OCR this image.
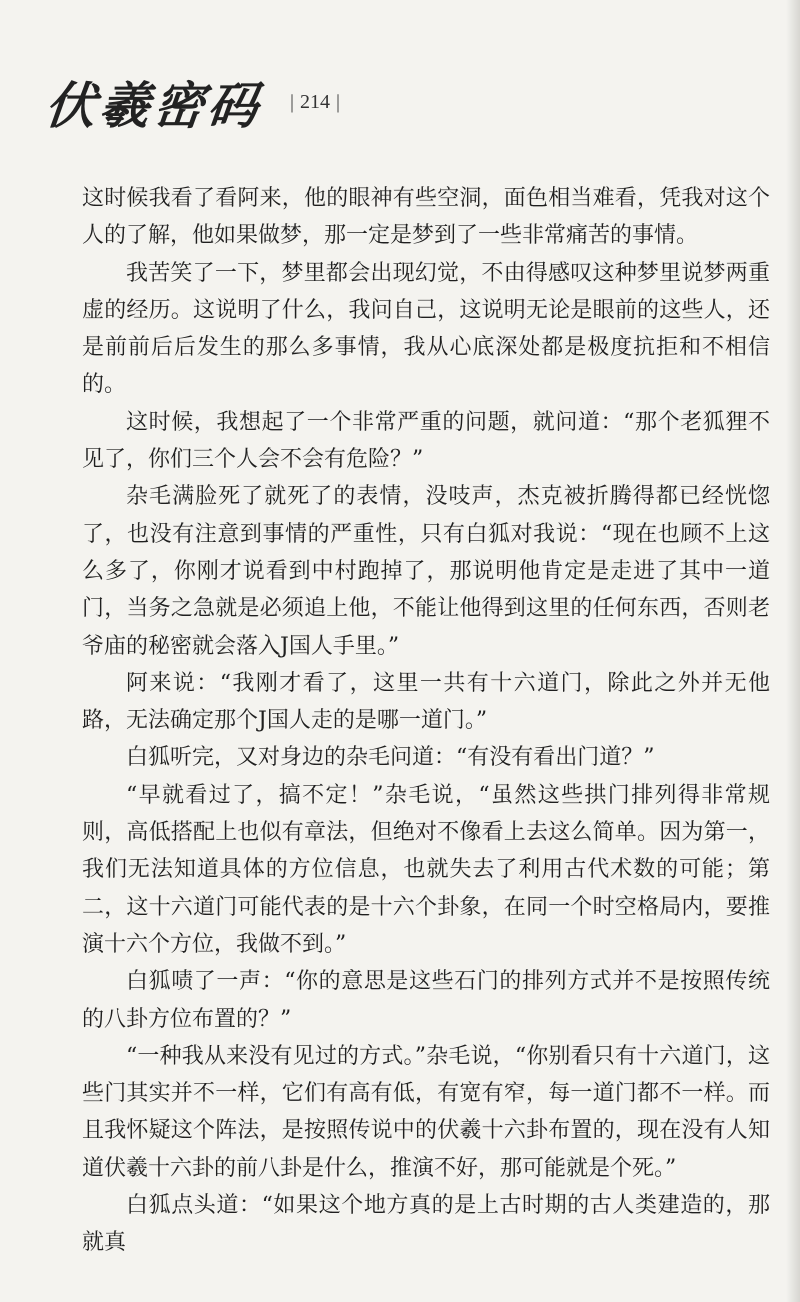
伏羲密码	| 214 |

这时候我看了看阿来，他的眼神有些空洞，面色相当难看，凭我对这个人的了解，他如果做梦，那一定是梦到了一些非常痛苦的事情。

我苦笑了一下，梦里都会出现幻觉，不由得感叹这种梦里说梦两重虚的经历。这说明了什么，我问自己，这说明无论是眼前的这些人，还是前前后后发生的那么多事情，我从心底深处都是极度抗拒和不相信的。

这时候，我想起了一个非常严重的问题，就问道：“那个老狐狸不见了，你们三个人会不会有危险？”

杂毛满脸死了就死了的表情，没吱声，杰克被折腾得都已经恍惚了，也没有注意到事情的严重性，只有白狐对我说：“现在也顾不上这么多了，你刚才说看到中村跑掉了，那说明他肯定是走进了其中一道门，当务之急就是必须追上他，不能让他得到这里的任何东西，否则老爷庙的秘密就会落入J国人手里。”

阿来说：“我刚才看了，这里一共有十六道门，除此之外并无他路，无法确定那个J国人走的是哪一道门。”

白狐听完，又对身边的杂毛问道：“有没有看出门道？”

“早就看过了，搞不定！”杂毛说，“虽然这些拱门排列得非常规则，高低搭配上也似有章法，但绝对不像看上去这么简单。因为第一，我们无法知道具体的方位信息，也就失去了利用古代术数的可能；第二，这十六道门可能代表的是十六个卦象，在同一个时空格局内，要推演十六个方位，我做不到。”

白狐啧了一声：“你的意思是这些石门的排列方式并不是按照传统的八卦方位布置的？”

“一种我从来没有见过的方式。”杂毛说，“你别看只有十六道门，这些门其实并不一样，它们有高有低，有宽有窄，每一道门都不一样。而且我怀疑这个阵法，是按照传说中的伏羲十六卦布置的，现在没有人知道伏羲十六卦的前八卦是什么，推演不好，那可能就是个死。”

白狐点头道：“如果这个地方真的是上古时期的古人类建造的，那就真
